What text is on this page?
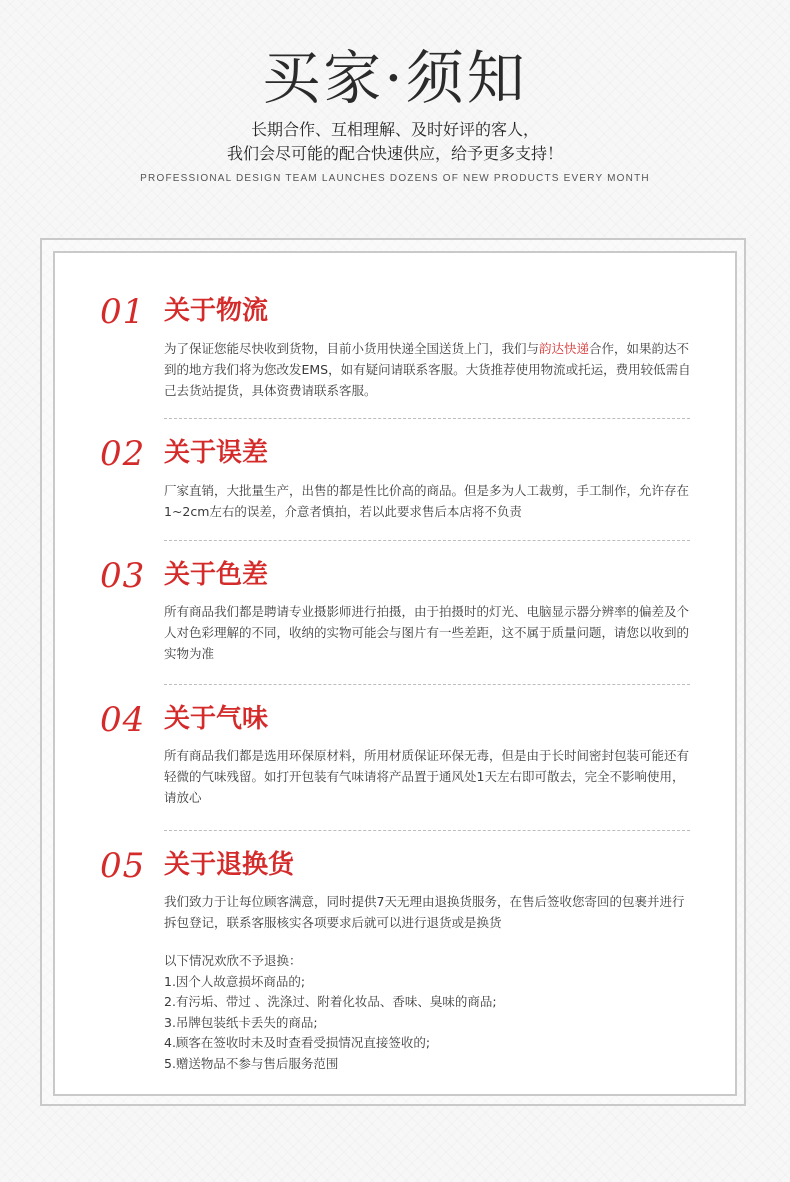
买家·须知
长期合作、互相理解、及时好评的客人，
我们会尽可能的配合快速供应，给予更多支持！
PROFESSIONAL DESIGN TEAM LAUNCHES DOZENS OF NEW PRODUCTS EVERY MONTH
01 关于物流
为了保证您能尽快收到货物，目前小货用快递全国送货上门，我们与韵达快递合作，如果韵达不到的地方我们将为您改发EMS，如有疑问请联系客服。大货推荐使用物流或托运，费用较低需自己去货站提货，具体资费请联系客服。
02 关于误差
厂家直销，大批量生产，出售的都是性比价高的商品。但是多为人工裁剪，手工制作，允许存在1~2cm左右的误差，介意者慎拍，若以此要求售后本店将不负责
03 关于色差
所有商品我们都是聘请专业摄影师进行拍摄，由于拍摄时的灯光、电脑显示器分辨率的偏差及个人对色彩理解的不同，收纳的实物可能会与图片有一些差距，这不属于质量问题，请您以收到的实物为准
04 关于气味
所有商品我们都是选用环保原材料，所用材质保证环保无毒，但是由于长时间密封包装可能还有轻微的气味残留。如打开包装有气味请将产品置于通风处1天左右即可散去，完全不影响使用，请放心
05 关于退换货
我们致力于让每位顾客满意，同时提供7天无理由退换货服务，在售后签收您寄回的包裹并进行拆包登记，联系客服核实各项要求后就可以进行退货或是换货
以下情况欢欣不予退换：
1.因个人故意损坏商品的;
2.有污垢、带过 、洗涤过、附着化妆品、香味、臭味的商品;
3.吊牌包装纸卡丢失的商品;
4.顾客在签收时未及时查看受损情况直接签收的;
5.赠送物品不参与售后服务范围
